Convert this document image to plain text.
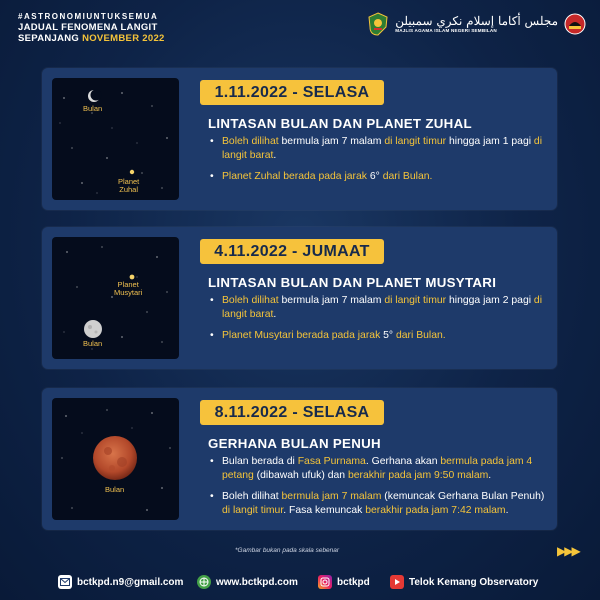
#ASTRONOMIUNTUKSEMUA
JADUAL FENOMENA LANGIT
SEPANJANG NOVEMBER 2022
مجلس أكاما إسلام نكري سمبيلن
MAJLIS AGAMA ISLAM NEGERI SEMBILAN
Bulan
Planet
Zuhal
1.11.2022 - SELASA
LINTASAN BULAN DAN PLANET ZUHAL
• Boleh dilihat bermula jam 7 malam di langit timur hingga jam 1 pagi di langit barat.
• Planet Zuhal berada pada jarak 6° dari Bulan.
Planet
Musytari
Bulan
4.11.2022 - JUMAAT
LINTASAN BULAN DAN PLANET MUSYTARI
• Boleh dilihat bermula jam 7 malam di langit timur hingga jam 2 pagi di langit barat.
• Planet Musytari berada pada jarak 5° dari Bulan.
Bulan
8.11.2022 - SELASA
GERHANA BULAN PENUH
• Bulan berada di Fasa Purnama. Gerhana akan bermula pada jam 4 petang (dibawah ufuk) dan berakhir pada jam 9:50 malam.
• Boleh dilihat bermula jam 7 malam (kemuncak Gerhana Bulan Penuh) di langit timur. Fasa kemuncak berakhir pada jam 7:42 malam.
*Gambar bukan pada skala sebenar	▶▶▶
bctkpd.n9@gmail.com	www.bctkpd.com	bctkpd	Telok Kemang Observatory
